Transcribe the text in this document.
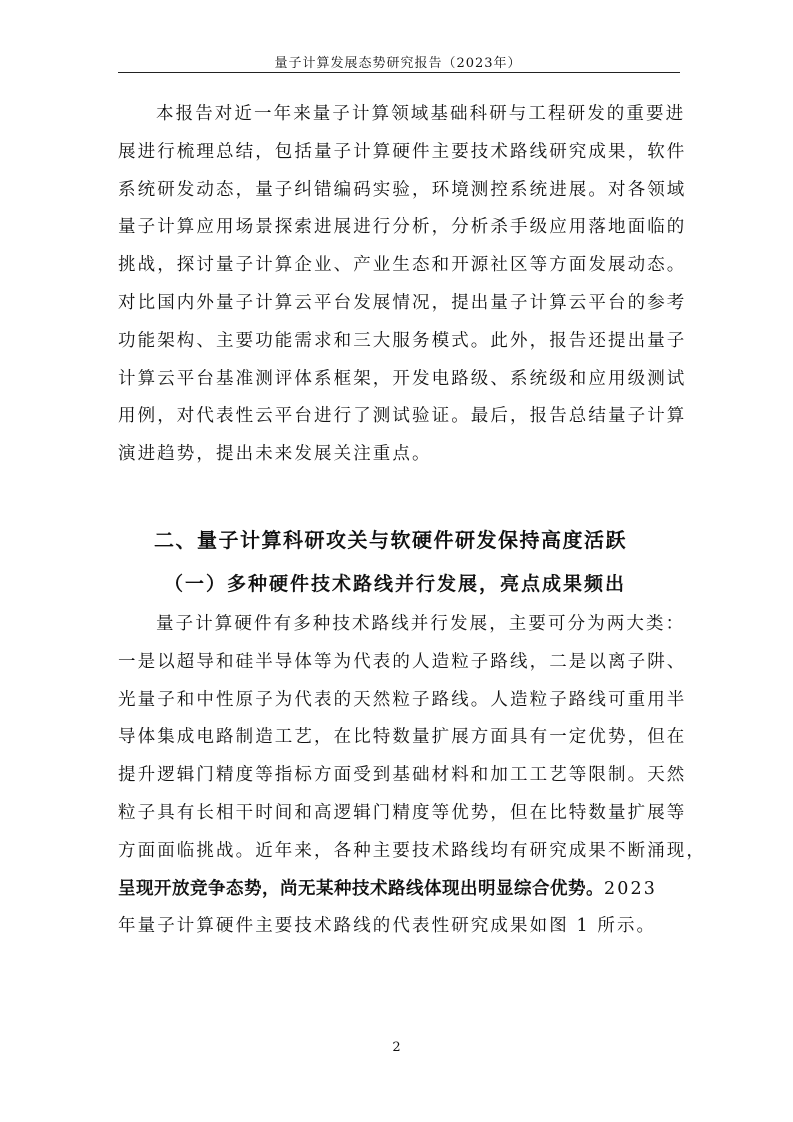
量子计算发展态势研究报告（2023年）
本报告对近一年来量子计算领域基础科研与工程研发的重要进
展进行梳理总结，包括量子计算硬件主要技术路线研究成果，软件
系统研发动态，量子纠错编码实验，环境测控系统进展。对各领域
量子计算应用场景探索进展进行分析，分析杀手级应用落地面临的
挑战，探讨量子计算企业、产业生态和开源社区等方面发展动态。
对比国内外量子计算云平台发展情况，提出量子计算云平台的参考
功能架构、主要功能需求和三大服务模式。此外，报告还提出量子
计算云平台基准测评体系框架，开发电路级、系统级和应用级测试
用例，对代表性云平台进行了测试验证。最后，报告总结量子计算
演进趋势，提出未来发展关注重点。
二、量子计算科研攻关与软硬件研发保持高度活跃
（一）多种硬件技术路线并行发展，亮点成果频出
量子计算硬件有多种技术路线并行发展，主要可分为两大类：
一是以超导和硅半导体等为代表的人造粒子路线，二是以离子阱、
光量子和中性原子为代表的天然粒子路线。人造粒子路线可重用半
导体集成电路制造工艺，在比特数量扩展方面具有一定优势，但在
提升逻辑门精度等指标方面受到基础材料和加工工艺等限制。天然
粒子具有长相干时间和高逻辑门精度等优势，但在比特数量扩展等
方面面临挑战。近年来，各种主要技术路线均有研究成果不断涌现，
呈现开放竞争态势，尚无某种技术路线体现出明显综合优势。2023
年量子计算硬件主要技术路线的代表性研究成果如图 1 所示。
2
